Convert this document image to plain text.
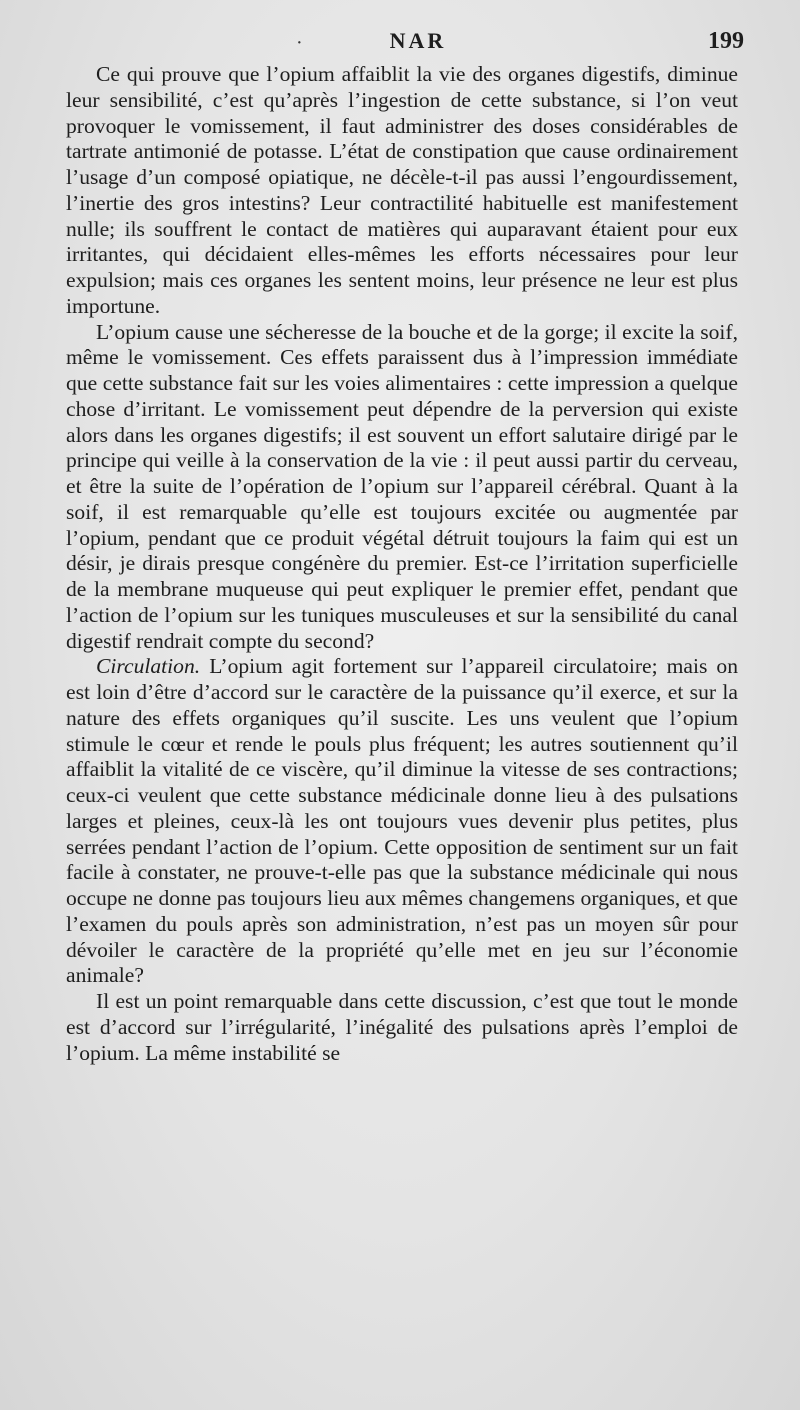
·	NAR	199

Ce qui prouve que l’opium affaiblit la vie des organes digestifs, diminue leur sensibilité, c’est qu’après l’ingestion de cette substance, si l’on veut provoquer le vomissement, il faut administrer des doses considérables de tartrate antimonié de potasse. L’état de constipation que cause ordinairement l’usage d’un composé opiatique, ne décèle-t-il pas aussi l’engourdissement, l’inertie des gros intestins? Leur contractilité habituelle est manifestement nulle; ils souffrent le contact de matières qui auparavant étaient pour eux irritantes, qui décidaient elles-mêmes les efforts nécessaires pour leur expulsion; mais ces organes les sentent moins, leur présence ne leur est plus importune.

L’opium cause une sécheresse de la bouche et de la gorge; il excite la soif, même le vomissement. Ces effets paraissent dus à l’impression immédiate que cette substance fait sur les voies alimentaires : cette impression a quelque chose d’irritant. Le vomissement peut dépendre de la perversion qui existe alors dans les organes digestifs; il est souvent un effort salutaire dirigé par le principe qui veille à la conservation de la vie : il peut aussi partir du cerveau, et être la suite de l’opération de l’opium sur l’appareil cérébral. Quant à la soif, il est remarquable qu’elle est toujours excitée ou augmentée par l’opium, pendant que ce produit végétal détruit toujours la faim qui est un désir, je dirais presque congénère du premier. Est-ce l’irritation superficielle de la membrane muqueuse qui peut expliquer le premier effet, pendant que l’action de l’opium sur les tuniques musculeuses et sur la sensibilité du canal digestif rendrait compte du second?

Circulation. L’opium agit fortement sur l’appareil circulatoire; mais on est loin d’être d’accord sur le caractère de la puissance qu’il exerce, et sur la nature des effets organiques qu’il suscite. Les uns veulent que l’opium stimule le cœur et rende le pouls plus fréquent; les autres soutiennent qu’il affaiblit la vitalité de ce viscère, qu’il diminue la vitesse de ses contractions; ceux-ci veulent que cette substance médicinale donne lieu à des pulsations larges et pleines, ceux-là les ont toujours vues devenir plus petites, plus serrées pendant l’action de l’opium. Cette opposition de sentiment sur un fait facile à constater, ne prouve-t-elle pas que la substance médicinale qui nous occupe ne donne pas toujours lieu aux mêmes changemens organiques, et que l’examen du pouls après son administration, n’est pas un moyen sûr pour dévoiler le caractère de la propriété qu’elle met en jeu sur l’économie animale?

Il est un point remarquable dans cette discussion, c’est que tout le monde est d’accord sur l’irrégularité, l’inégalité des pulsations après l’emploi de l’opium. La même instabilité se
